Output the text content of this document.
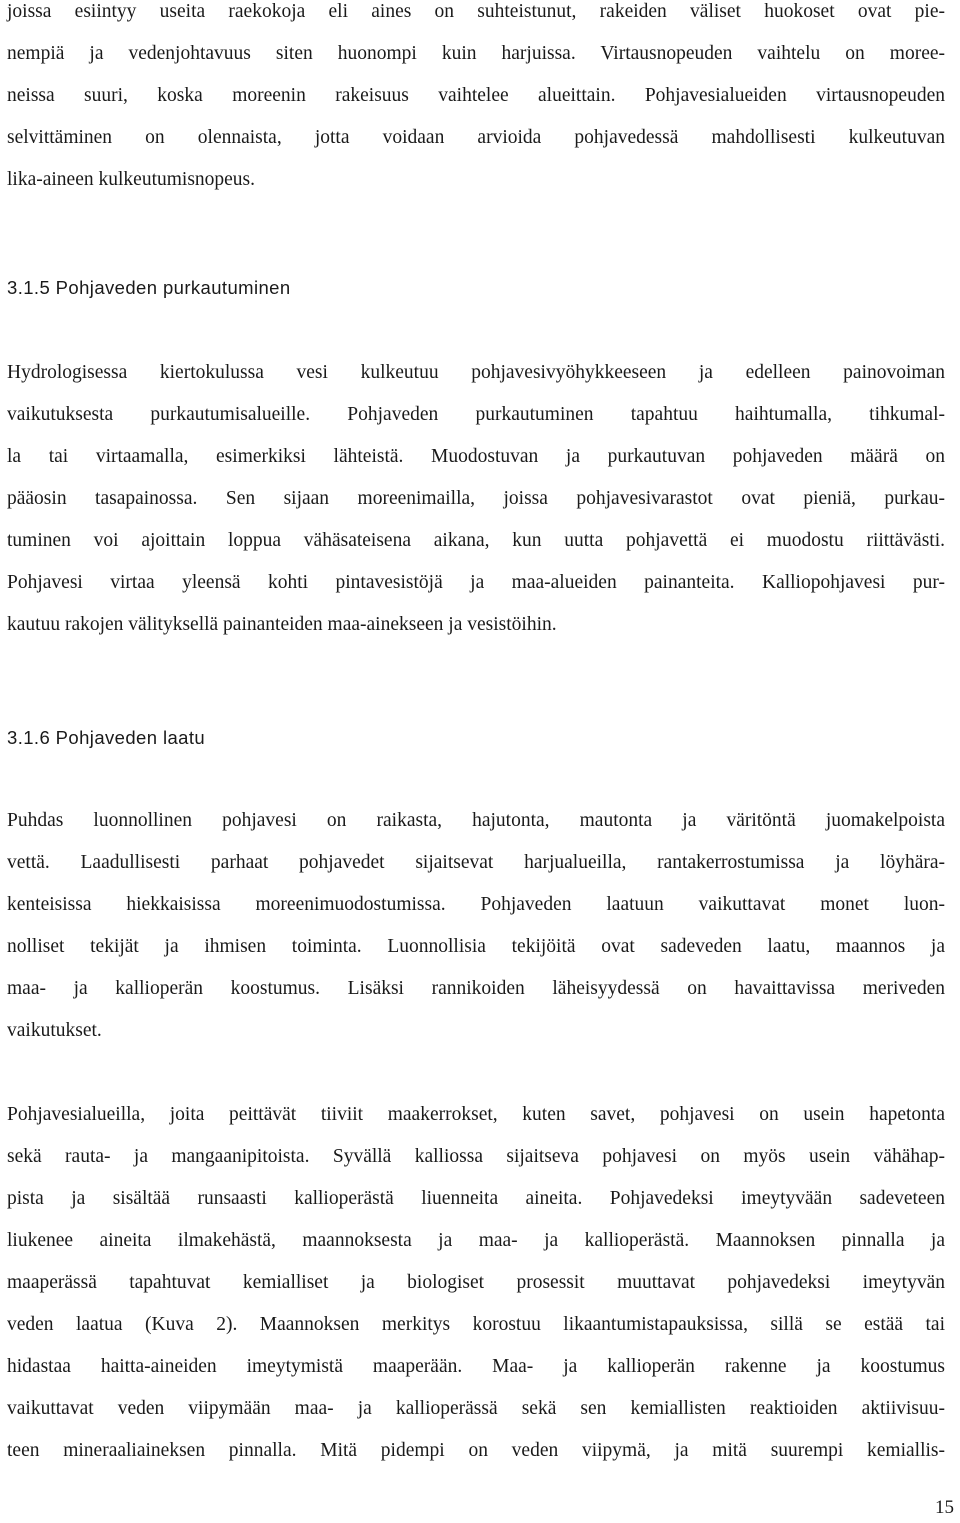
joissa esiintyy useita raekokoja eli aines on suhteistunut, rakeiden väliset huokoset ovat pie-
nempiä ja vedenjohtavuus siten huonompi kuin harjuissa. Virtausnopeuden vaihtelu on moree-
neissa suuri, koska moreenin rakeisuus vaihtelee alueittain. Pohjavesialueiden virtausnopeuden
selvittäminen on olennaista, jotta voidaan arvioida pohjavedessä mahdollisesti kulkeutuvan
lika-aineen kulkeutumisnopeus.
3.1.5 Pohjaveden purkautuminen
Hydrologisessa kiertokulussa vesi kulkeutuu pohjavesivyöhykkeeseen ja edelleen painovoiman
vaikutuksesta purkautumisalueille. Pohjaveden purkautuminen tapahtuu haihtumalla, tihkumal-
la tai virtaamalla, esimerkiksi lähteistä. Muodostuvan ja purkautuvan pohjaveden määrä on
pääosin tasapainossa. Sen sijaan moreenimailla, joissa pohjavesivarastot ovat pieniä, purkau-
tuminen voi ajoittain loppua vähäsateisena aikana, kun uutta pohjavettä ei muodostu riittävästi.
Pohjavesi virtaa yleensä kohti pintavesistöjä ja maa-alueiden painanteita. Kalliopohjavesi pur-
kautuu rakojen välityksellä painanteiden maa-ainekseen ja vesistöihin.
3.1.6 Pohjaveden laatu
Puhdas luonnollinen pohjavesi on raikasta, hajutonta, mautonta ja väritöntä juomakelpoista
vettä. Laadullisesti parhaat pohjavedet sijaitsevat harjualueilla, rantakerrostumissa ja löyhära-
kenteisissa hiekkaisissa moreenimuodostumissa. Pohjaveden laatuun vaikuttavat monet luon-
nolliset tekijät ja ihmisen toiminta. Luonnollisia tekijöitä ovat sadeveden laatu, maannos ja
maa- ja kallioperän koostumus. Lisäksi rannikoiden läheisyydessä on havaittavissa meriveden
vaikutukset.
Pohjavesialueilla, joita peittävät tiiviit maakerrokset, kuten savet, pohjavesi on usein hapetonta
sekä rauta- ja mangaanipitoista. Syvällä kalliossa sijaitseva pohjavesi on myös usein vähähap-
pista ja sisältää runsaasti kallioperästä liuenneita aineita. Pohjavedeksi imeytyvään sadeveteen
liukenee aineita ilmakehästä, maannoksesta ja maa- ja kallioperästä. Maannoksen pinnalla ja
maaperässä tapahtuvat kemialliset ja biologiset prosessit muuttavat pohjavedeksi imeytyvän
veden laatua (Kuva 2). Maannoksen merkitys korostuu likaantumistapauksissa, sillä se estää tai
hidastaa haitta-aineiden imeytymistä maaperään. Maa- ja kallioperän rakenne ja koostumus
vaikuttavat veden viipymään maa- ja kallioperässä sekä sen kemiallisten reaktioiden aktiivisuu-
teen mineraaliaineksen pinnalla. Mitä pidempi on veden viipymä, ja mitä suurempi kemiallis-
15
